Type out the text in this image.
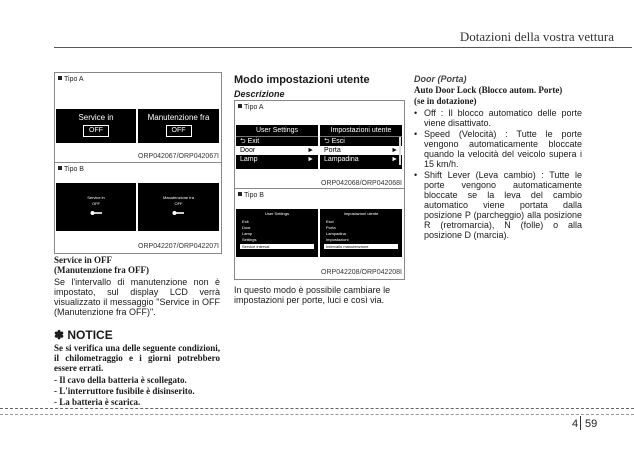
Dotazioni della vostra vettura
Tipo A
Service in
OFF
Manutenzione fra
OFF
ORP042067/ORP042067I
Tipo B
Service in
OFF
Manutenzione fra
OFF
ORP042207/ORP042207I
Service in OFF
(Manutenzione fra OFF)
Se l'intervallo di manutenzione non è impostato, sul display LCD verrà visualizzato il messaggio "Service in OFF (Manutenzione fra OFF)".
✽ NOTICE
Se si verifica una delle seguente condizioni, il chilometraggio e i giorni potrebbero essere errati.
- Il cavo della batteria è scollegato.
- L'interruttore fusibile è disinserito.
- La batteria è scarica.
Modo impostazioni utente
Descrizione
Tipo A
User Settings
⮌ Exit
Door	►
Lamp	►
Impostazioni utente
⮌ Esci
Porta	►
Lampadina	►
ORP042068/ORP042068I
Tipo B
User Settings
Exit
Door
Lamp
Settings
Service interval
Impostazioni utente
Esci
Porta
Lampadina
Impostazioni
Intervallo manutenzione
ORP042208/ORP042208I
In questo modo è possibile cambiare le impostazioni per porte, luci e così via.
Door (Porta)
Auto Door Lock (Blocco autom. Porte)
(se in dotazione)
• Off : Il blocco automatico delle porte viene disattivato.
• Speed (Velocità) : Tutte le porte vengono automaticamente bloccate quando la velocità del veicolo supera i 15 km/h.
• Shift Lever (Leva cambio) : Tutte le porte vengono automaticamente bloccate se la leva del cambio automatico viene portata dalla posizione P (parcheggio) alla posizione R (retromarcia), N (folle) o alla posizione D (marcia).
4 59
